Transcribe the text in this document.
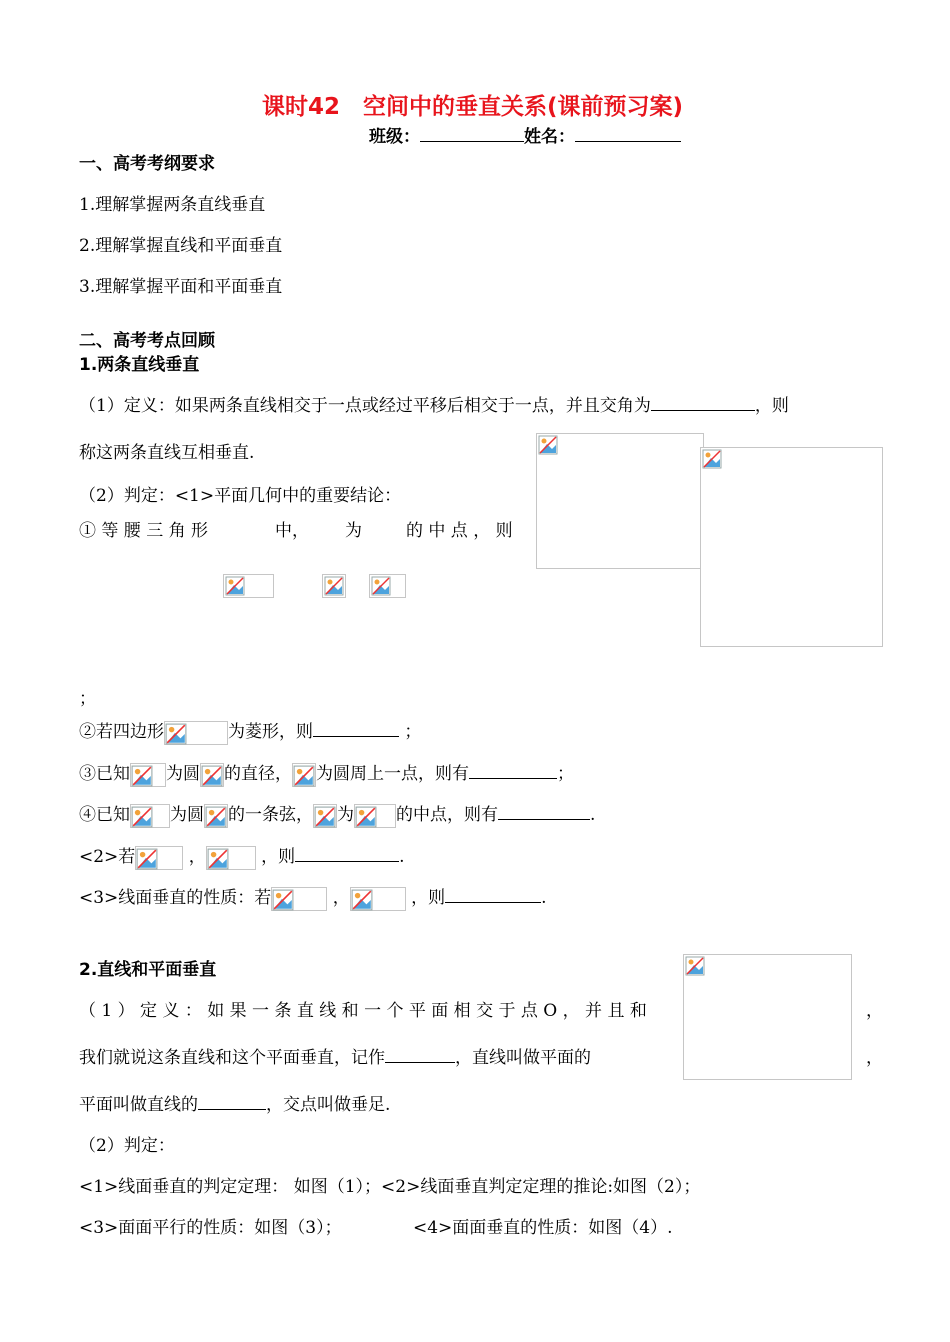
课时42　空间中的垂直关系(课前预习案)
班级：	姓名：
一、高考考纲要求
1.理解掌握两条直线垂直
2.理解掌握直线和平面垂直
3.理解掌握平面和平面垂直
二、高考考点回顾
1.两条直线垂直
（1）定义：如果两条直线相交于一点或经过平移后相交于一点，并且交角为	，则
称这两条直线互相垂直.
（2）判定：<1>平面几何中的重要结论：
① 等 腰 三 角 形	中， 为	的 中 点 ， 则
；
②若四边形	为菱形，则	；
③已知 为圆 的直径， 为圆周上一点，则有	；
④已知 为圆 的一条弦， 为 的中点，则有	.
<2>若	，	，则	.
<3>线面垂直的性质：若	，	，则	.
2.直线和平面垂直
（ 1 ） 定 义 ： 如 果 一 条 直 线 和 一 个 平 面 相 交 于 点 O ， 并 且 和	，
我们就说这条直线和这个平面垂直，记作	，直线叫做平面的	，
平面叫做直线的	，交点叫做垂足.
（2）判定：
<1>线面垂直的判定定理： 如图（1）；<2>线面垂直判定定理的推论:如图（2）；
<3>面面平行的性质：如图（3）；	<4>面面垂直的性质：如图（4）.
